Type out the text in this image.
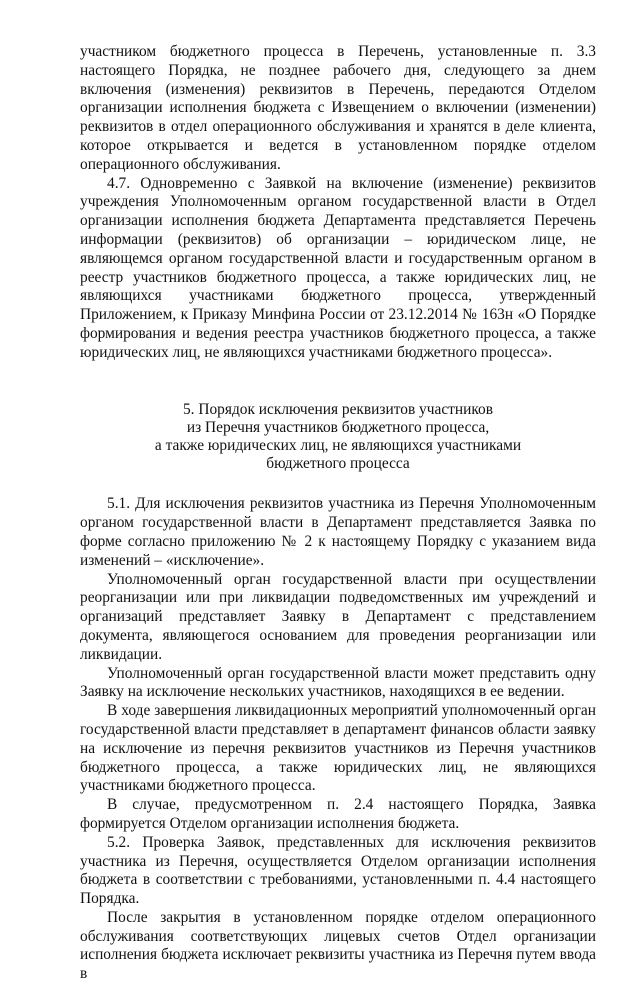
участником бюджетного процесса в Перечень, установленные п. 3.3 настоящего Порядка, не позднее рабочего дня, следующего за днем включения (изменения) реквизитов в Перечень, передаются Отделом организации исполнения бюджета с Извещением о включении (изменении) реквизитов в отдел операционного обслуживания и хранятся в деле клиента, которое открывается и ведется в установленном порядке отделом операционного обслуживания.

4.7. Одновременно с Заявкой на включение (изменение) реквизитов учреждения Уполномоченным органом государственной власти в Отдел организации исполнения бюджета Департамента представляется Перечень информации (реквизитов) об организации – юридическом лице, не являющемся органом государственной власти и государственным органом в реестр участников бюджетного процесса, а также юридических лиц, не являющихся участниками бюджетного процесса, утвержденный Приложением, к Приказу Минфина России от 23.12.2014 № 163н «О Порядке формирования и ведения реестра участников бюджетного процесса, а также юридических лиц, не являющихся участниками бюджетного процесса».

5. Порядок исключения реквизитов участников

из Перечня участников бюджетного процесса,

а также юридических лиц, не являющихся участниками

бюджетного процесса

5.1. Для исключения реквизитов участника из Перечня Уполномоченным органом государственной власти в Департамент представляется Заявка по форме согласно приложению № 2 к настоящему Порядку с указанием вида изменений – «исключение».

Уполномоченный орган государственной власти при осуществлении реорганизации или при ликвидации подведомственных им учреждений и организаций представляет Заявку в Департамент с представлением документа, являющегося основанием для проведения реорганизации или ликвидации.

Уполномоченный орган государственной власти может представить одну Заявку на исключение нескольких участников, находящихся в ее ведении.

В ходе завершения ликвидационных мероприятий уполномоченный орган государственной власти представляет в департамент финансов области заявку на исключение из перечня реквизитов участников из Перечня участников бюджетного процесса, а также юридических лиц, не являющихся участниками бюджетного процесса.

В случае, предусмотренном п. 2.4 настоящего Порядка, Заявка формируется Отделом организации исполнения бюджета.

5.2. Проверка Заявок, представленных для исключения реквизитов участника из Перечня, осуществляется Отделом организации исполнения бюджета в соответствии с требованиями, установленными п. 4.4 настоящего Порядка.

После закрытия в установленном порядке отделом операционного обслуживания соответствующих лицевых счетов Отдел организации исполнения бюджета исключает реквизиты участника из Перечня путем ввода в
